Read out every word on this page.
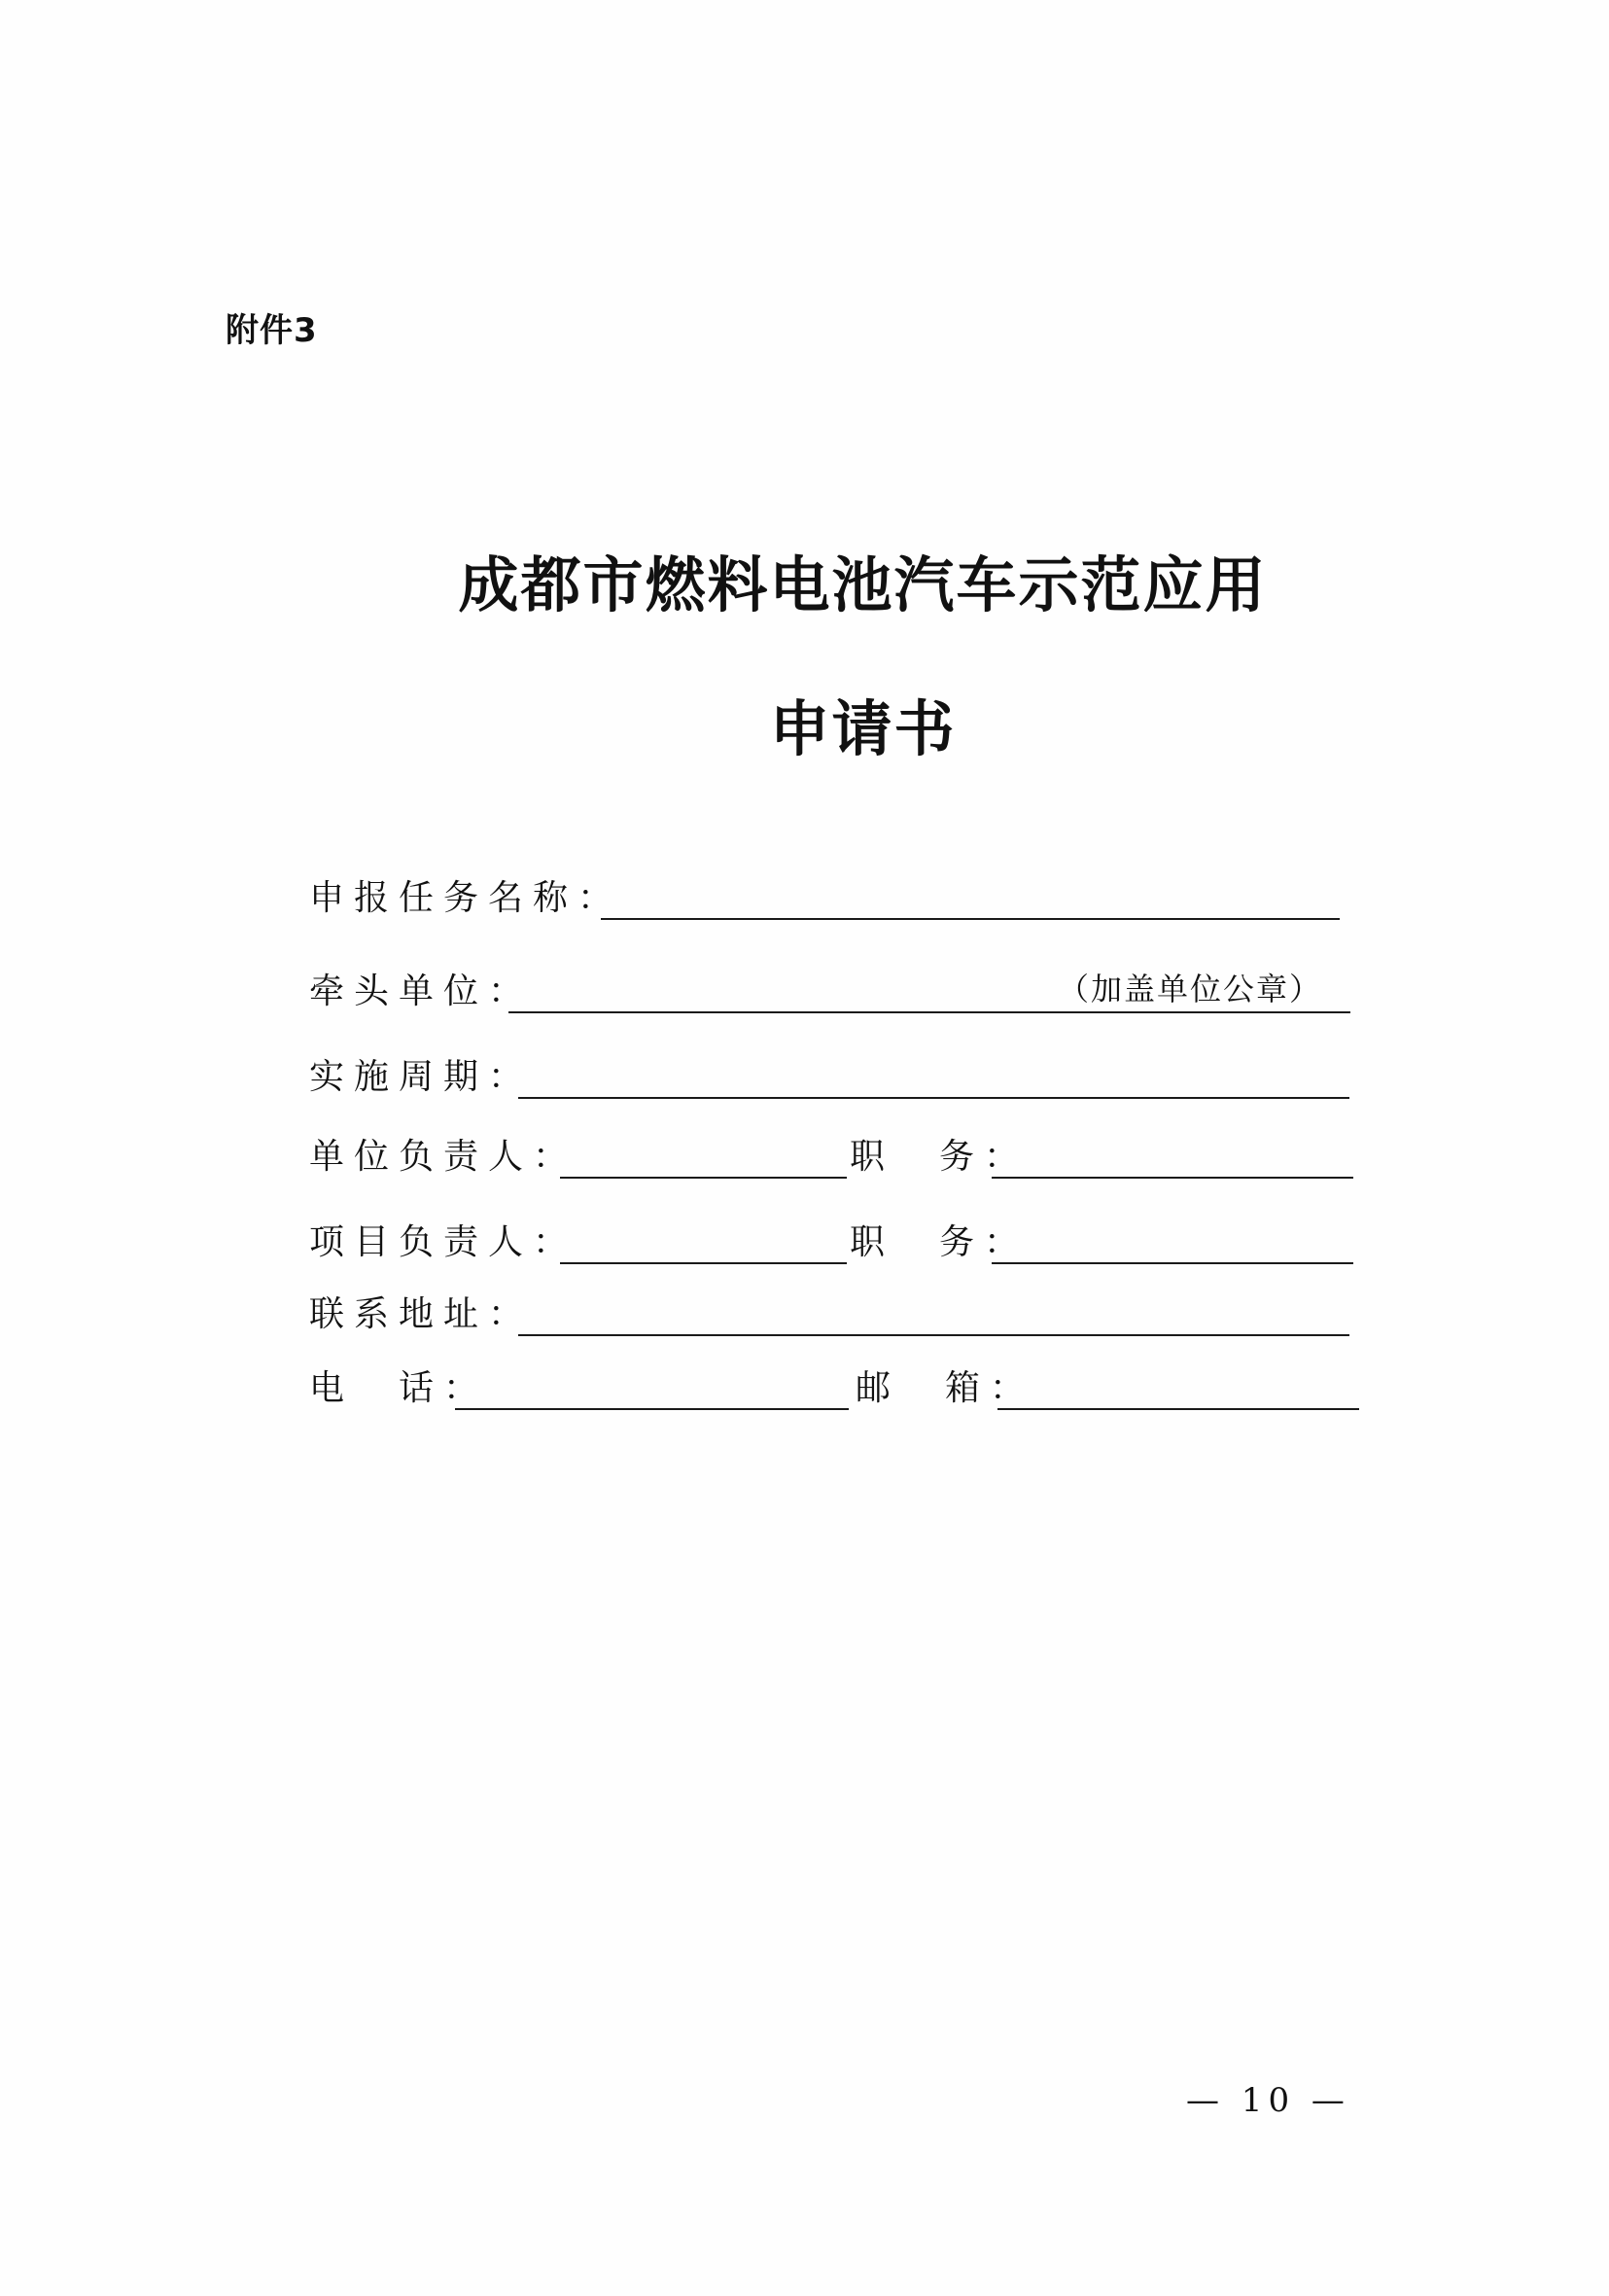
附件3
成都市燃料电池汽车示范应用
申请书
申报任务名称：
牵头单位：	（加盖单位公章）
实施周期：
单位负责人：	职　务：
项目负责人：	职　务：
联系地址：
电　话：	邮　箱：
— 10 —
